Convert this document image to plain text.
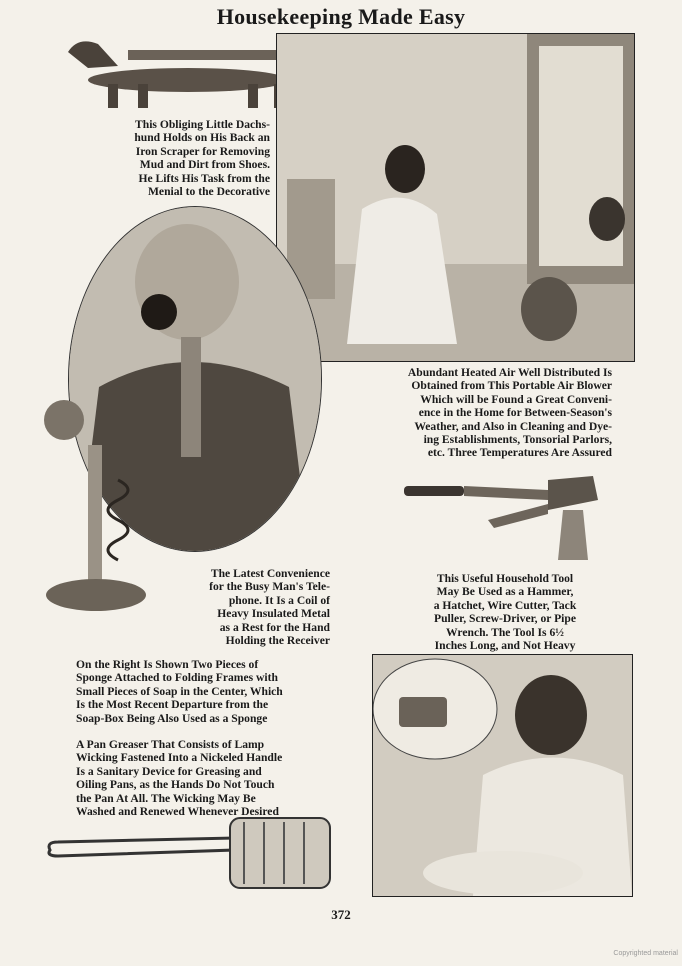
Housekeeping Made Easy

This Obliging Little Dachs-
hund Holds on His Back an
Iron Scraper for Removing
Mud and Dirt from Shoes.
He Lifts His Task from the
Menial to the Decorative

Abundant Heated Air Well Distributed Is
Obtained from This Portable Air Blower
Which will be Found a Great Conveni-
ence in the Home for Between-Season's
Weather, and Also in Cleaning and Dye-
ing Establishments, Tonsorial Parlors,
etc. Three Temperatures Are Assured

The Latest Convenience
for the Busy Man's Tele-
phone. It Is a Coil of
Heavy Insulated Metal
as a Rest for the Hand
Holding the Receiver

This Useful Household Tool
May Be Used as a Hammer,
a Hatchet, Wire Cutter, Tack
Puller, Screw-Driver, or Pipe
Wrench. The Tool Is 6½
Inches Long, and Not Heavy

On the Right Is Shown Two Pieces of
Sponge Attached to Folding Frames with
Small Pieces of Soap in the Center, Which
Is the Most Recent Departure from the
Soap-Box Being Also Used as a Sponge

A Pan Greaser That Consists of Lamp
Wicking Fastened Into a Nickeled Handle
Is a Sanitary Device for Greasing and
Oiling Pans, as the Hands Do Not Touch
the Pan At All. The Wicking May Be
Washed and Renewed Whenever Desired

372
Copyrighted material
